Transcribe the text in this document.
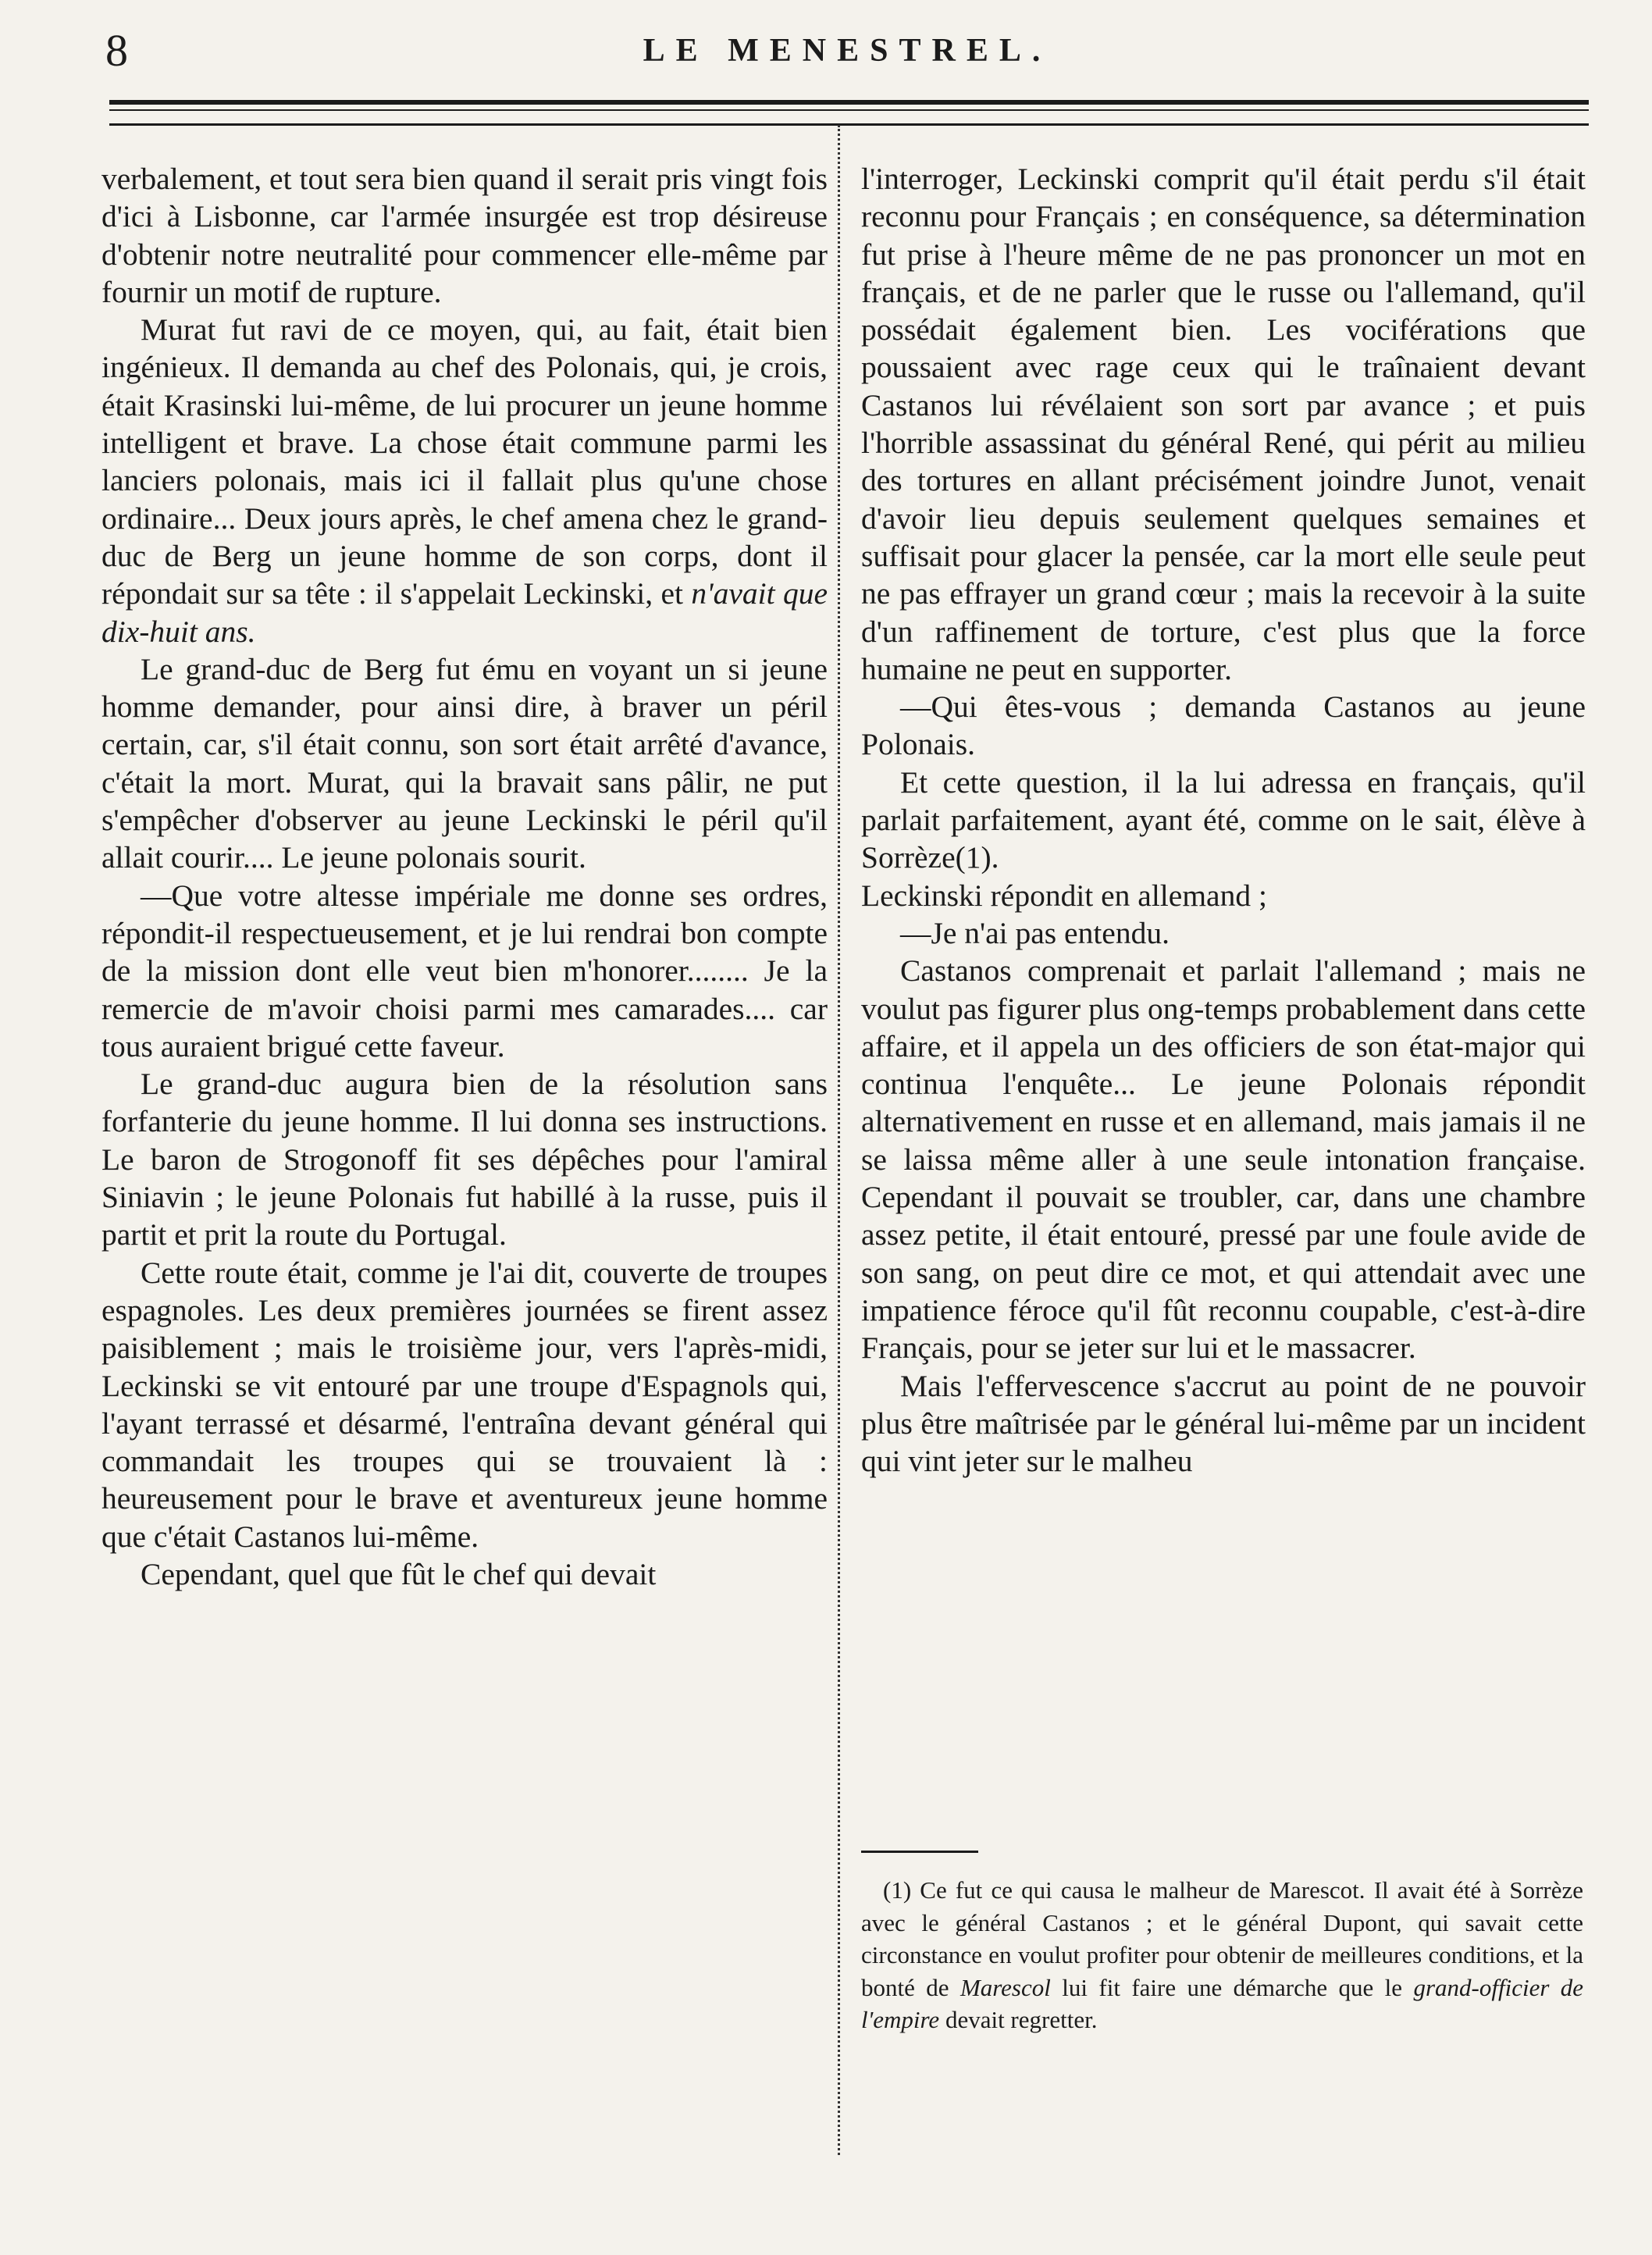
8	LE MENESTREL.

verbalement, et tout sera bien quand il serait pris vingt fois d'ici à Lisbonne, car l'armée insurgée est trop désireuse d'obtenir notre neutralité pour commencer elle-même par fournir un motif de rupture.

Murat fut ravi de ce moyen, qui, au fait, était bien ingénieux. Il demanda au chef des Polonais, qui, je crois, était Krasinski lui-même, de lui procurer un jeune homme intelligent et brave. La chose était commune parmi les lanciers polonais, mais ici il fallait plus qu'une chose ordinaire... Deux jours après, le chef amena chez le grand-duc de Berg un jeune homme de son corps, dont il répondait sur sa tête : il s'appelait Leckinski, et n'avait que dix-huit ans.

Le grand-duc de Berg fut ému en voyant un si jeune homme demander, pour ainsi dire, à braver un péril certain, car, s'il était connu, son sort était arrêté d'avance, c'était la mort. Murat, qui la bravait sans pâlir, ne put s'empêcher d'observer au jeune Leckinski le péril qu'il allait courir.... Le jeune polonais sourit.

—Que votre altesse impériale me donne ses ordres, répondit-il respectueusement, et je lui rendrai bon compte de la mission dont elle veut bien m'honorer........ Je la remercie de m'avoir choisi parmi mes camarades.... car tous auraient brigué cette faveur.

Le grand-duc augura bien de la résolution sans forfanterie du jeune homme. Il lui donna ses instructions. Le baron de Strogonoff fit ses dépêches pour l'amiral Siniavin ; le jeune Polonais fut habillé à la russe, puis il partit et prit la route du Portugal.

Cette route était, comme je l'ai dit, couverte de troupes espagnoles. Les deux premières journées se firent assez paisiblement ; mais le troisième jour, vers l'après-midi, Leckinski se vit entouré par une troupe d'Espagnols qui, l'ayant terrassé et désarmé, l'entraîna devant général qui commandait les troupes qui se trouvaient là : heureusement pour le brave et aventureux jeune homme que c'était Castanos lui-même.

Cependant, quel que fût le chef qui devait

l'interroger, Leckinski comprit qu'il était perdu s'il était reconnu pour Français ; en conséquence, sa détermination fut prise à l'heure même de ne pas prononcer un mot en français, et de ne parler que le russe ou l'allemand, qu'il possédait également bien. Les vociférations que poussaient avec rage ceux qui le traînaient devant Castanos lui révélaient son sort par avance ; et puis l'horrible assassinat du général René, qui périt au milieu des tortures en allant précisément joindre Junot, venait d'avoir lieu depuis seulement quelques semaines et suffisait pour glacer la pensée, car la mort elle seule peut ne pas effrayer un grand cœur ; mais la recevoir à la suite d'un raffinement de torture, c'est plus que la force humaine ne peut en supporter.

—Qui êtes-vous ; demanda Castanos au jeune Polonais.

Et cette question, il la lui adressa en français, qu'il parlait parfaitement, ayant été, comme on le sait, élève à Sorrèze(1).

Leckinski répondit en allemand ;

—Je n'ai pas entendu.

Castanos comprenait et parlait l'allemand ; mais ne voulut pas figurer plus ong-temps probablement dans cette affaire, et il appela un des officiers de son état-major qui continua l'enquête... Le jeune Polonais répondit alternativement en russe et en allemand, mais jamais il ne se laissa même aller à une seule intonation française. Cependant il pouvait se troubler, car, dans une chambre assez petite, il était entouré, pressé par une foule avide de son sang, on peut dire ce mot, et qui attendait avec une impatience féroce qu'il fût reconnu coupable, c'est-à-dire Français, pour se jeter sur lui et le massacrer.

Mais l'effervescence s'accrut au point de ne pouvoir plus être maîtrisée par le général lui-même par un incident qui vint jeter sur le malheu

(1) Ce fut ce qui causa le malheur de Marescot. Il avait été à Sorrèze avec le général Castanos ; et le général Dupont, qui savait cette circonstance en voulut profiter pour obtenir de meilleures conditions, et la bonté de Marescol lui fit faire une démarche que le grand-officier de l'empire devait regretter.
